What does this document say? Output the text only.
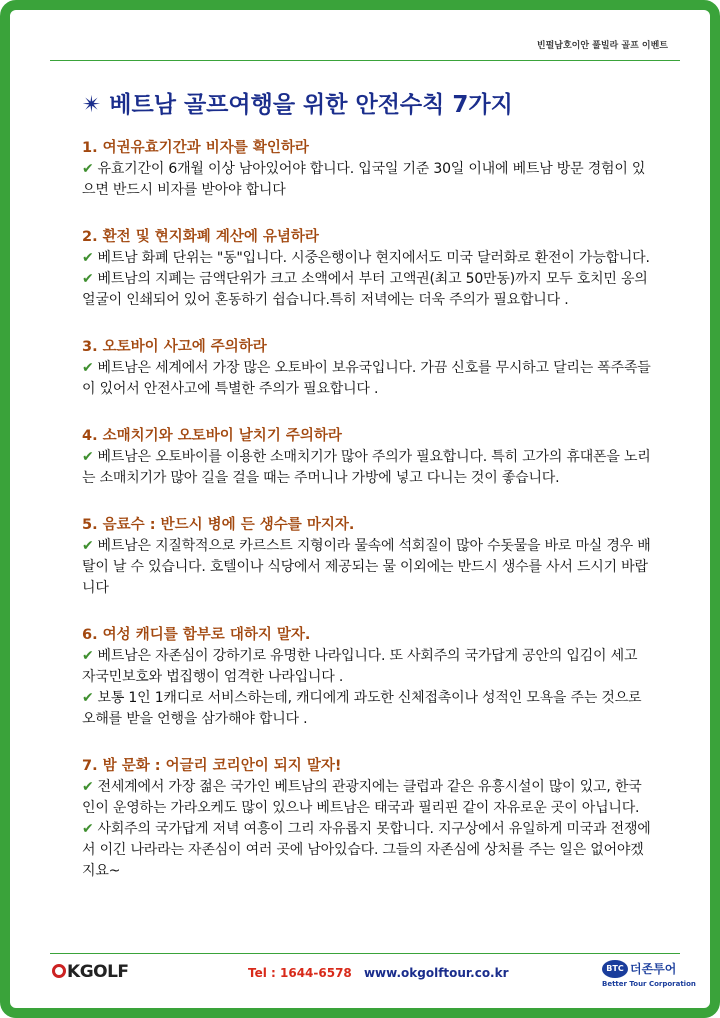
빈펄남호이안 풀빌라 골프 이벤트
✴ 베트남 골프여행을 위한 안전수칙 7가지
1. 여권유효기간과 비자를 확인하라
✔ 유효기간이 6개월 이상 남아있어야 합니다. 입국일 기준 30일 이내에 베트남 방문 경험이 있으면 반드시 비자를 받아야 합니다
2. 환전 및 현지화폐 계산에 유념하라
✔ 베트남 화폐 단위는 "동"입니다. 시중은행이나 현지에서도 미국 달러화로 환전이 가능합니다.
✔ 베트남의 지폐는 금액단위가 크고 소액에서 부터 고액권(최고 50만동)까지 모두 호치민 옹의 얼굴이 인쇄되어 있어 혼동하기 쉽습니다.특히 저녁에는 더욱 주의가 필요합니다 .
3. 오토바이 사고에 주의하라
✔ 베트남은 세계에서 가장 많은 오토바이 보유국입니다. 가끔 신호를 무시하고 달리는 폭주족들이 있어서 안전사고에 특별한 주의가 필요합니다 .
4. 소매치기와 오토바이 날치기 주의하라
✔ 베트남은 오토바이를 이용한 소매치기가 많아 주의가 필요합니다. 특히 고가의 휴대폰을 노리는 소매치기가 많아 길을 걸을 때는 주머니나 가방에 넣고 다니는 것이 좋습니다.
5. 음료수 : 반드시 병에 든 생수를 마지자.
✔ 베트남은 지질학적으로 카르스트 지형이라 물속에 석회질이 많아 수돗물을 바로 마실 경우 배탈이 날 수 있습니다. 호텔이나 식당에서 제공되는 물 이외에는 반드시 생수를 사서 드시기 바랍니다
6. 여성 캐디를 함부로 대하지 말자.
✔ 베트남은 자존심이 강하기로 유명한 나라입니다. 또 사회주의 국가답게 공안의 입김이 세고 자국민보호와 법집행이 엄격한 나라입니다 .
✔ 보통 1인 1캐디로 서비스하는데, 캐디에게 과도한 신체접촉이나 성적인 모욕을 주는 것으로 오해를 받을 언행을 삼가해야 합니다 .
7. 밤 문화 : 어글리 코리안이 되지 말자!
✔ 전세계에서 가장 젊은 국가인 베트남의 관광지에는 클럽과 같은 유흥시설이 많이 있고, 한국인이 운영하는 가라오케도 많이 있으나 베트남은 태국과 필리핀 같이 자유로운 곳이 아닙니다.
✔ 사회주의 국가답게 저녁 여흥이 그리 자유롭지 못합니다. 지구상에서 유일하게 미국과 전쟁에서 이긴 나라라는 자존심이 여러 곳에 남아있습다. 그들의 자존심에 상처를 주는 일은 없어야겠지요~
KGOLF	Tel : 1644-6578 www.okgolftour.co.kr	BTC 더존투어
Better Tour Corporation
